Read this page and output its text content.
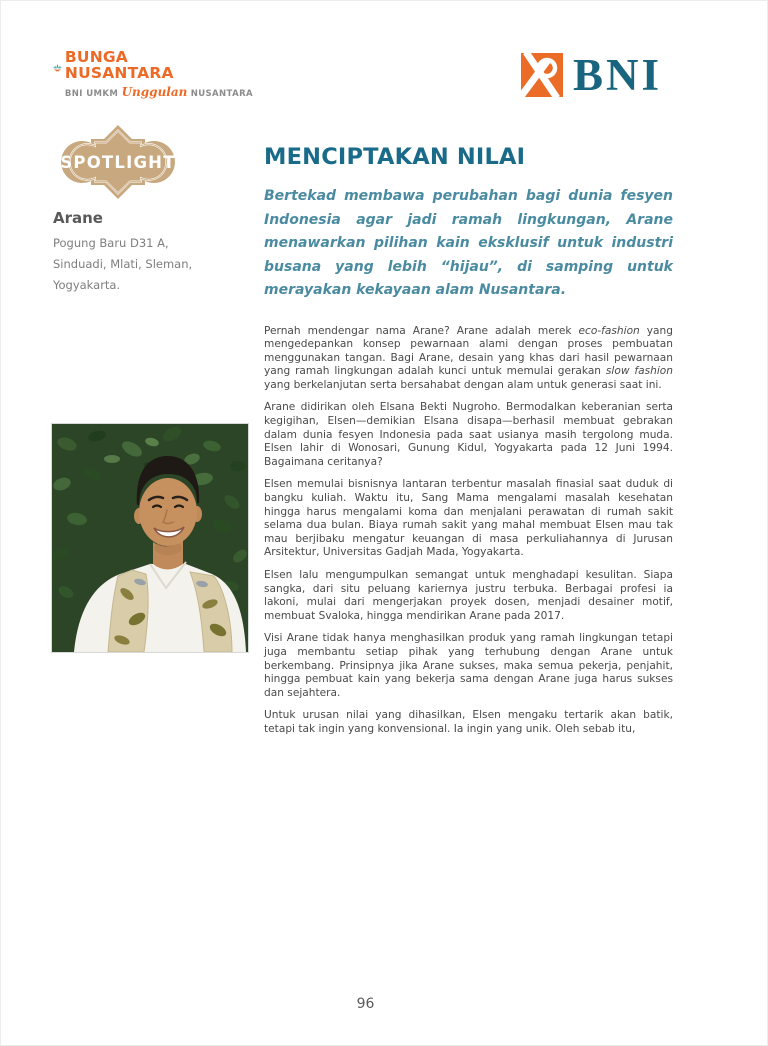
BUNGA
NUSANTARA
BNI UMKM Unggulan NUSANTARA	BNI
SPOTLIGHT
Arane
Pogung Baru D31 A,
Sinduadi, Mlati, Sleman,
Yogyakarta.
MENCIPTAKAN NILAI

Bertekad membawa perubahan bagi dunia fesyen Indonesia agar jadi ramah lingkungan, Arane menawarkan pilihan kain eksklusif untuk industri busana yang lebih “hijau”, di samping untuk merayakan kekayaan alam Nusantara.

Pernah mendengar nama Arane? Arane adalah merek eco-fashion yang mengedepankan konsep pewarnaan alami dengan proses pembuatan menggunakan tangan. Bagi Arane, desain yang khas dari hasil pewarnaan yang ramah lingkungan adalah kunci untuk memulai gerakan slow fashion yang berkelanjutan serta bersahabat dengan alam untuk generasi saat ini.

Arane didirikan oleh Elsana Bekti Nugroho. Bermodalkan keberanian serta kegigihan, Elsen—demikian Elsana disapa—berhasil membuat gebrakan dalam dunia fesyen Indonesia pada saat usianya masih tergolong muda. Elsen lahir di Wonosari, Gunung Kidul, Yogyakarta pada 12 Juni 1994. Bagaimana ceritanya?

Elsen memulai bisnisnya lantaran terbentur masalah finasial saat duduk di bangku kuliah. Waktu itu, Sang Mama mengalami masalah kesehatan hingga harus mengalami koma dan menjalani perawatan di rumah sakit selama dua bulan. Biaya rumah sakit yang mahal membuat Elsen mau tak mau berjibaku mengatur keuangan di masa perkuliahannya di Jurusan Arsitektur, Universitas Gadjah Mada, Yogyakarta.

Elsen lalu mengumpulkan semangat untuk menghadapi kesulitan. Siapa sangka, dari situ peluang kariernya justru terbuka. Berbagai profesi ia lakoni, mulai dari mengerjakan proyek dosen, menjadi desainer motif, membuat Svaloka, hingga mendirikan Arane pada 2017.

Visi Arane tidak hanya menghasilkan produk yang ramah lingkungan tetapi juga membantu setiap pihak yang terhubung dengan Arane untuk berkembang. Prinsipnya jika Arane sukses, maka semua pekerja, penjahit, hingga pembuat kain yang bekerja sama dengan Arane juga harus sukses dan sejahtera.

Untuk urusan nilai yang dihasilkan, Elsen mengaku tertarik akan batik, tetapi tak ingin yang konvensional. Ia ingin yang unik. Oleh sebab itu,

96
